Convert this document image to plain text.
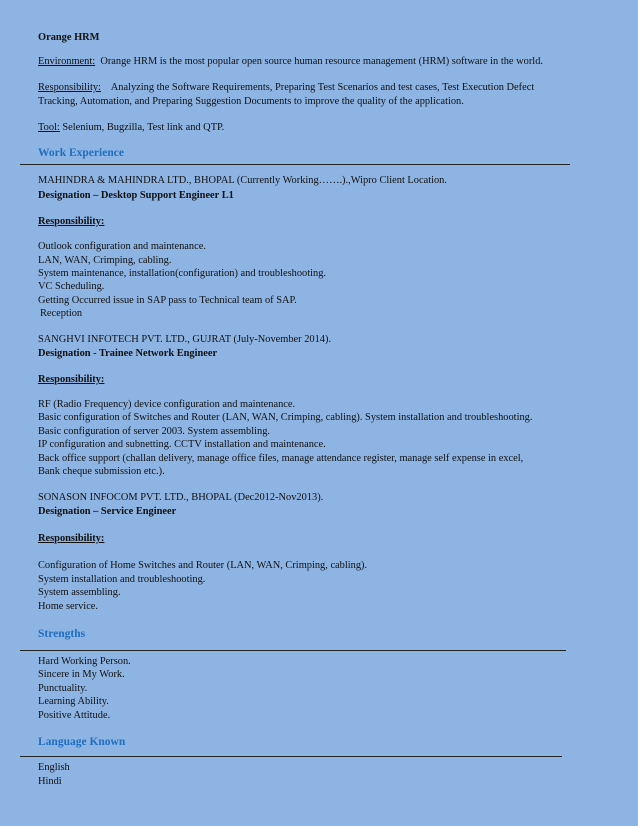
Orange HRM
Environment: Orange HRM is the most popular open source human resource management (HRM) software in the world.
Responsibility: Analyzing the Software Requirements, Preparing Test Scenarios and test cases, Test Execution Defect
Tracking, Automation, and Preparing Suggestion Documents to improve the quality of the application.
Tool: Selenium, Bugzilla, Test link and QTP.
Work Experience
MAHINDRA & MAHINDRA LTD., BHOPAL (Currently Working…….).,Wipro Client Location.
Designation – Desktop Support Engineer L1
Responsibility:
Outlook configuration and maintenance.
LAN, WAN, Crimping, cabling.
System maintenance, installation(configuration) and troubleshooting.
VC Scheduling.
Getting Occurred issue in SAP pass to Technical team of SAP.
Reception
SANGHVI INFOTECH PVT. LTD., GUJRAT (July-November 2014).
Designation - Trainee Network Engineer
Responsibility:
RF (Radio Frequency) device configuration and maintenance.
Basic configuration of Switches and Router (LAN, WAN, Crimping, cabling). System installation and troubleshooting.
Basic configuration of server 2003. System assembling.
IP configuration and subnetting. CCTV installation and maintenance.
Back office support (challan delivery, manage office files, manage attendance register, manage self expense in excel,
Bank cheque submission etc.).
SONASON INFOCOM PVT. LTD., BHOPAL (Dec2012-Nov2013).
Designation – Service Engineer
Responsibility:
Configuration of Home Switches and Router (LAN, WAN, Crimping, cabling).
System installation and troubleshooting.
System assembling.
Home service.
Strengths
Hard Working Person.
Sincere in My Work.
Punctuality.
Learning Ability.
Positive Attitude.
Language Known
English
Hindi
